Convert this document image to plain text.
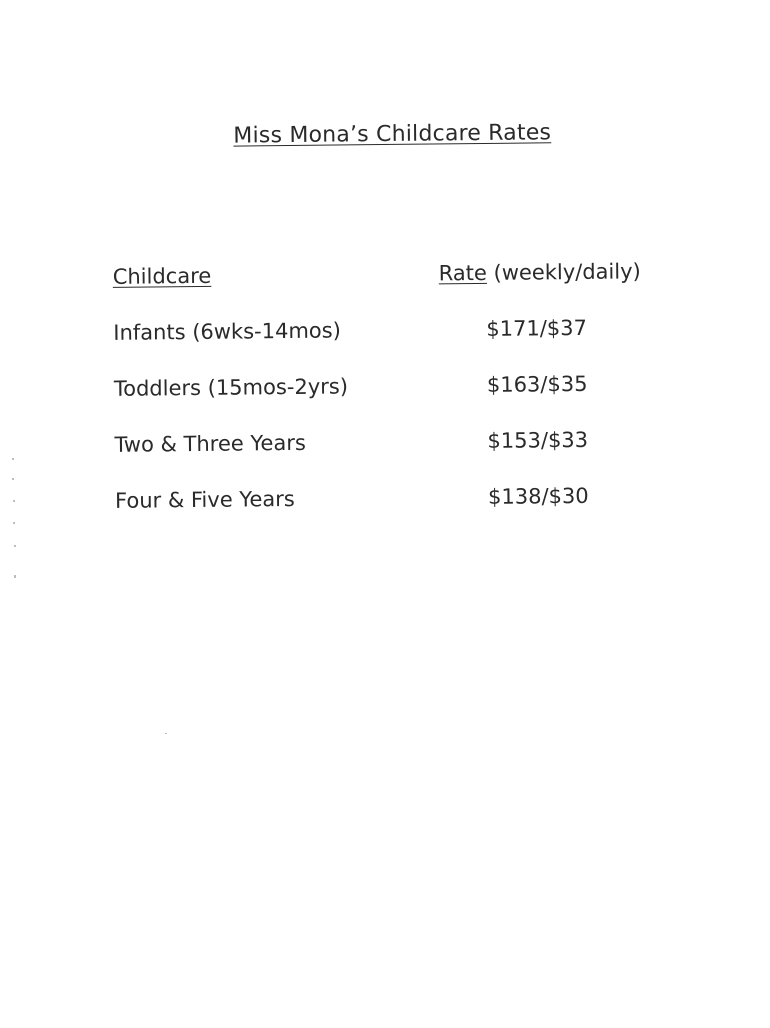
Miss Mona’s Childcare Rates
Childcare	Rate (weekly/daily)
Infants (6wks-14mos)	$171/$37
Toddlers (15mos-2yrs)	$163/$35
Two & Three Years	$153/$33
Four & Five Years	$138/$30
